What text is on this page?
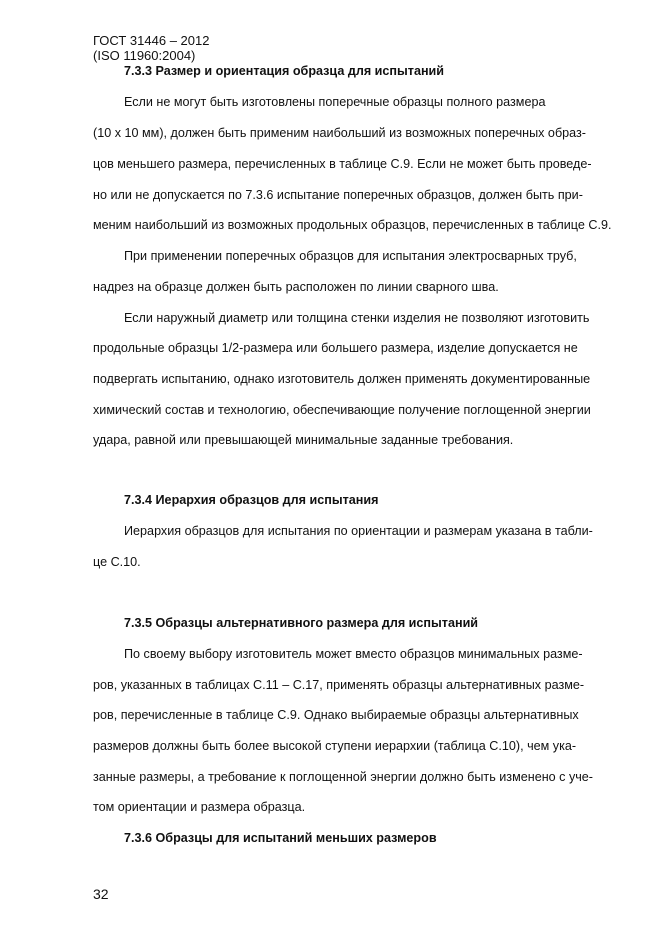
ГОСТ 31446 – 2012
(ISO 11960:2004)
7.3.3 Размер и ориентация образца для испытаний
Если не могут быть изготовлены поперечные образцы полного размера
(10 х 10 мм), должен быть применим наибольший из возможных поперечных образ-
цов меньшего размера, перечисленных в таблице С.9. Если не может быть проведе-
но или не допускается по 7.3.6 испытание поперечных образцов, должен быть при-
меним наибольший из возможных продольных образцов, перечисленных в таблице С.9.
При применении поперечных образцов для испытания электросварных труб,
надрез на образце должен быть расположен по линии сварного шва.
Если наружный диаметр или толщина стенки изделия не позволяют изготовить
продольные образцы 1/2-размера или большего размера, изделие допускается не
подвергать испытанию, однако изготовитель должен применять документированные
химический состав и технологию, обеспечивающие получение поглощенной энергии
удара, равной или превышающей минимальные заданные требования.
7.3.4 Иерархия образцов для испытания
Иерархия образцов для испытания по ориентации и размерам указана в табли-
це С.10.
7.3.5 Образцы альтернативного размера для испытаний
По своему выбору изготовитель может вместо образцов минимальных разме-
ров, указанных в таблицах С.11 – С.17, применять образцы альтернативных разме-
ров, перечисленные в таблице С.9. Однако выбираемые образцы альтернативных
размеров должны быть более высокой ступени иерархии (таблица С.10), чем ука-
занные размеры, а требование к поглощенной энергии должно быть изменено с уче-
том ориентации и размера образца.
7.3.6 Образцы для испытаний меньших размеров
32
